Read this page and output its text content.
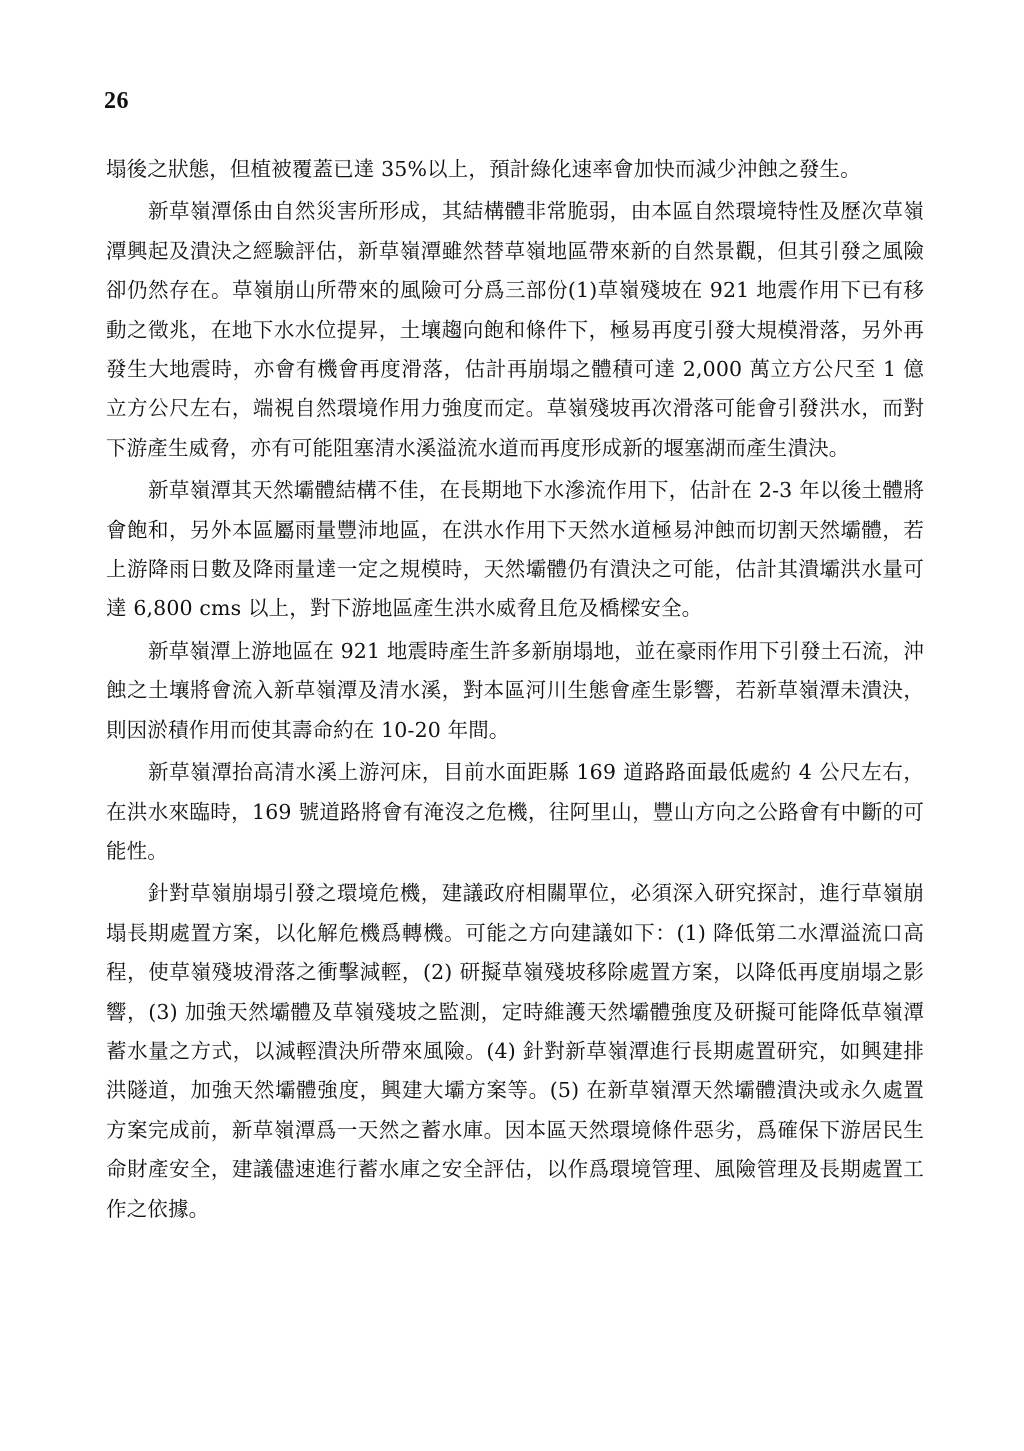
26

塌後之狀態，但植被覆蓋已達 35%以上，預計綠化速率會加快而減少沖蝕之發生。

新草嶺潭係由自然災害所形成，其結構體非常脆弱，由本區自然環境特性及歷次草嶺潭興起及潰決之經驗評估，新草嶺潭雖然替草嶺地區帶來新的自然景觀，但其引發之風險卻仍然存在。草嶺崩山所帶來的風險可分爲三部份(1)草嶺殘坡在 921 地震作用下已有移動之徵兆，在地下水水位提昇，土壤趨向飽和條件下，極易再度引發大規模滑落，另外再發生大地震時，亦會有機會再度滑落，估計再崩塌之體積可達 2,000 萬立方公尺至 1 億立方公尺左右，端視自然環境作用力強度而定。草嶺殘坡再次滑落可能會引發洪水，而對下游產生威脅，亦有可能阻塞清水溪溢流水道而再度形成新的堰塞湖而產生潰決。

新草嶺潭其天然壩體結構不佳，在長期地下水滲流作用下，估計在 2-3 年以後土體將會飽和，另外本區屬雨量豐沛地區，在洪水作用下天然水道極易沖蝕而切割天然壩體，若上游降雨日數及降雨量達一定之規模時，天然壩體仍有潰決之可能，估計其潰壩洪水量可達 6,800 cms 以上，對下游地區產生洪水威脅且危及橋樑安全。

新草嶺潭上游地區在 921 地震時產生許多新崩塌地，並在豪雨作用下引發土石流，沖蝕之土壤將會流入新草嶺潭及清水溪，對本區河川生態會產生影響，若新草嶺潭未潰決，則因淤積作用而使其壽命約在 10-20 年間。

新草嶺潭抬高清水溪上游河床，目前水面距縣 169 道路路面最低處約 4 公尺左右，在洪水來臨時，169 號道路將會有淹沒之危機，往阿里山，豐山方向之公路會有中斷的可能性。

針對草嶺崩塌引發之環境危機，建議政府相關單位，必須深入研究探討，進行草嶺崩塌長期處置方案，以化解危機爲轉機。可能之方向建議如下：(1) 降低第二水潭溢流口高程，使草嶺殘坡滑落之衝擊減輕，(2) 研擬草嶺殘坡移除處置方案，以降低再度崩塌之影響，(3) 加強天然壩體及草嶺殘坡之監測，定時維護天然壩體強度及研擬可能降低草嶺潭蓄水量之方式，以減輕潰決所帶來風險。(4) 針對新草嶺潭進行長期處置研究，如興建排洪隧道，加強天然壩體強度，興建大壩方案等。(5) 在新草嶺潭天然壩體潰決或永久處置方案完成前，新草嶺潭爲一天然之蓄水庫。因本區天然環境條件惡劣，爲確保下游居民生命財產安全，建議儘速進行蓄水庫之安全評估，以作爲環境管理、風險管理及長期處置工作之依據。
